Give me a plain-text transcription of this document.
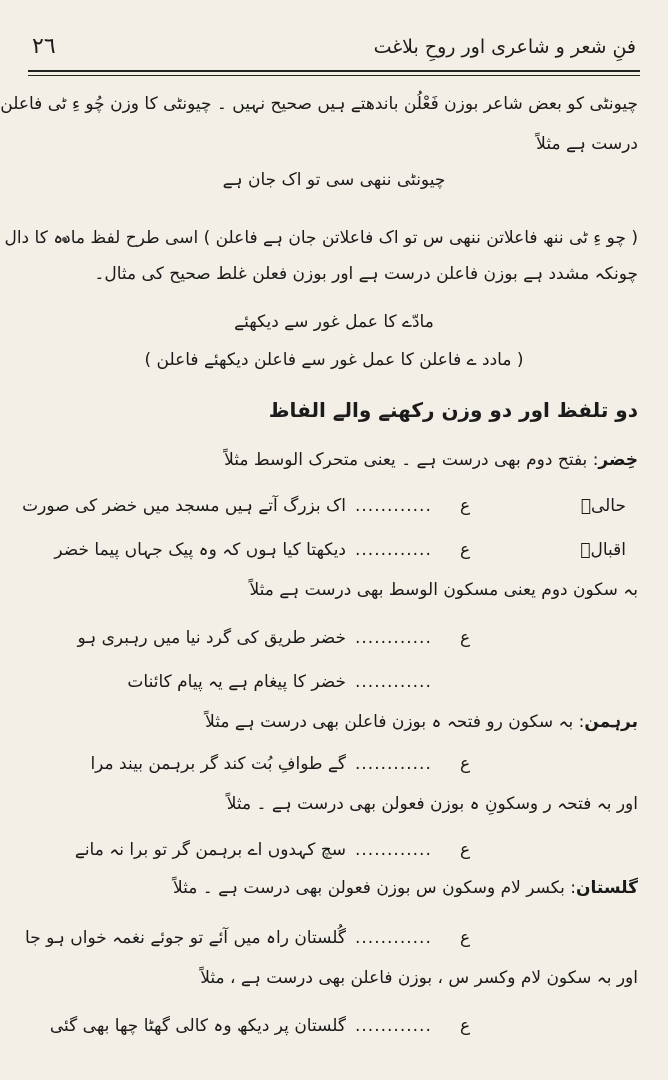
٢٦	فنِ شعر و شاعری اور روحِ بلاغت
چیونٹی کو بعض شاعر بوزن فَعْلُن باندھتے ہیں صحیح نہیں ۔ چیونٹی کا وزن چُو ءِ ٹی فاعلن
درست ہے مثلاً
چیونٹی ننھی سی تو اک جان ہے
( چو ءِ ٹی ننھ فاعلاتن ننھی س تو اک فاعلاتن جان ہے فاعلن ) اسی طرح لفظ مادہ کا دال
چونکہ مشدد ہے بوزن فاعلن درست ہے اور بوزن فعلن غلط صحیح کی مثال۔
مادّے کا عمل غور سے دیکھئے
( مادد ے فاعلن کا عمل غور سے فاعلن دیکھئے فاعلن )
دو تلفظ اور دو وزن رکھنے والے الفاظ
خِضر: بفتح دوم بھی درست ہے ۔ یعنی متحرک الوسط مثلاً
حالیؔ
ع
............
اک بزرگ آتے ہیں مسجد میں خضر کی صورت
اقبالؔ
ع
............
دیکھتا کیا ہوں کہ وہ پیک جہاں پیما خضر
بہ سکون دوم یعنی مسکون الوسط بھی درست ہے مثلاً
ع
............
خضر طریق کی گرد نیا میں رہبری ہو
............
خضر کا پیغام ہے یہ پیام کائنات
برہمن: بہ سکون رو فتحہ ہ بوزن فاعلن بھی درست ہے مثلاً
ع
............
گے طوافِ بُت کند گر برہمن بیند مرا
اور بہ فتحہ ر وسکونِ ہ بوزن فعولن بھی درست ہے ۔ مثلاً
ع
............
سچ کہدوں اے برہمن گر تو برا نہ مانے
گلستان: بکسر لام وسکون س بوزن فعولن بھی درست ہے ۔ مثلاً
ع
............
گُلستان راہ میں آئے تو جوئے نغمہ خواں ہو جا
اور بہ سکون لام وکسر س ، بوزن فاعلن بھی درست ہے ، مثلاً
ع
............
گلستان پر دیکھ وہ کالی گھٹا چھا بھی گئی
